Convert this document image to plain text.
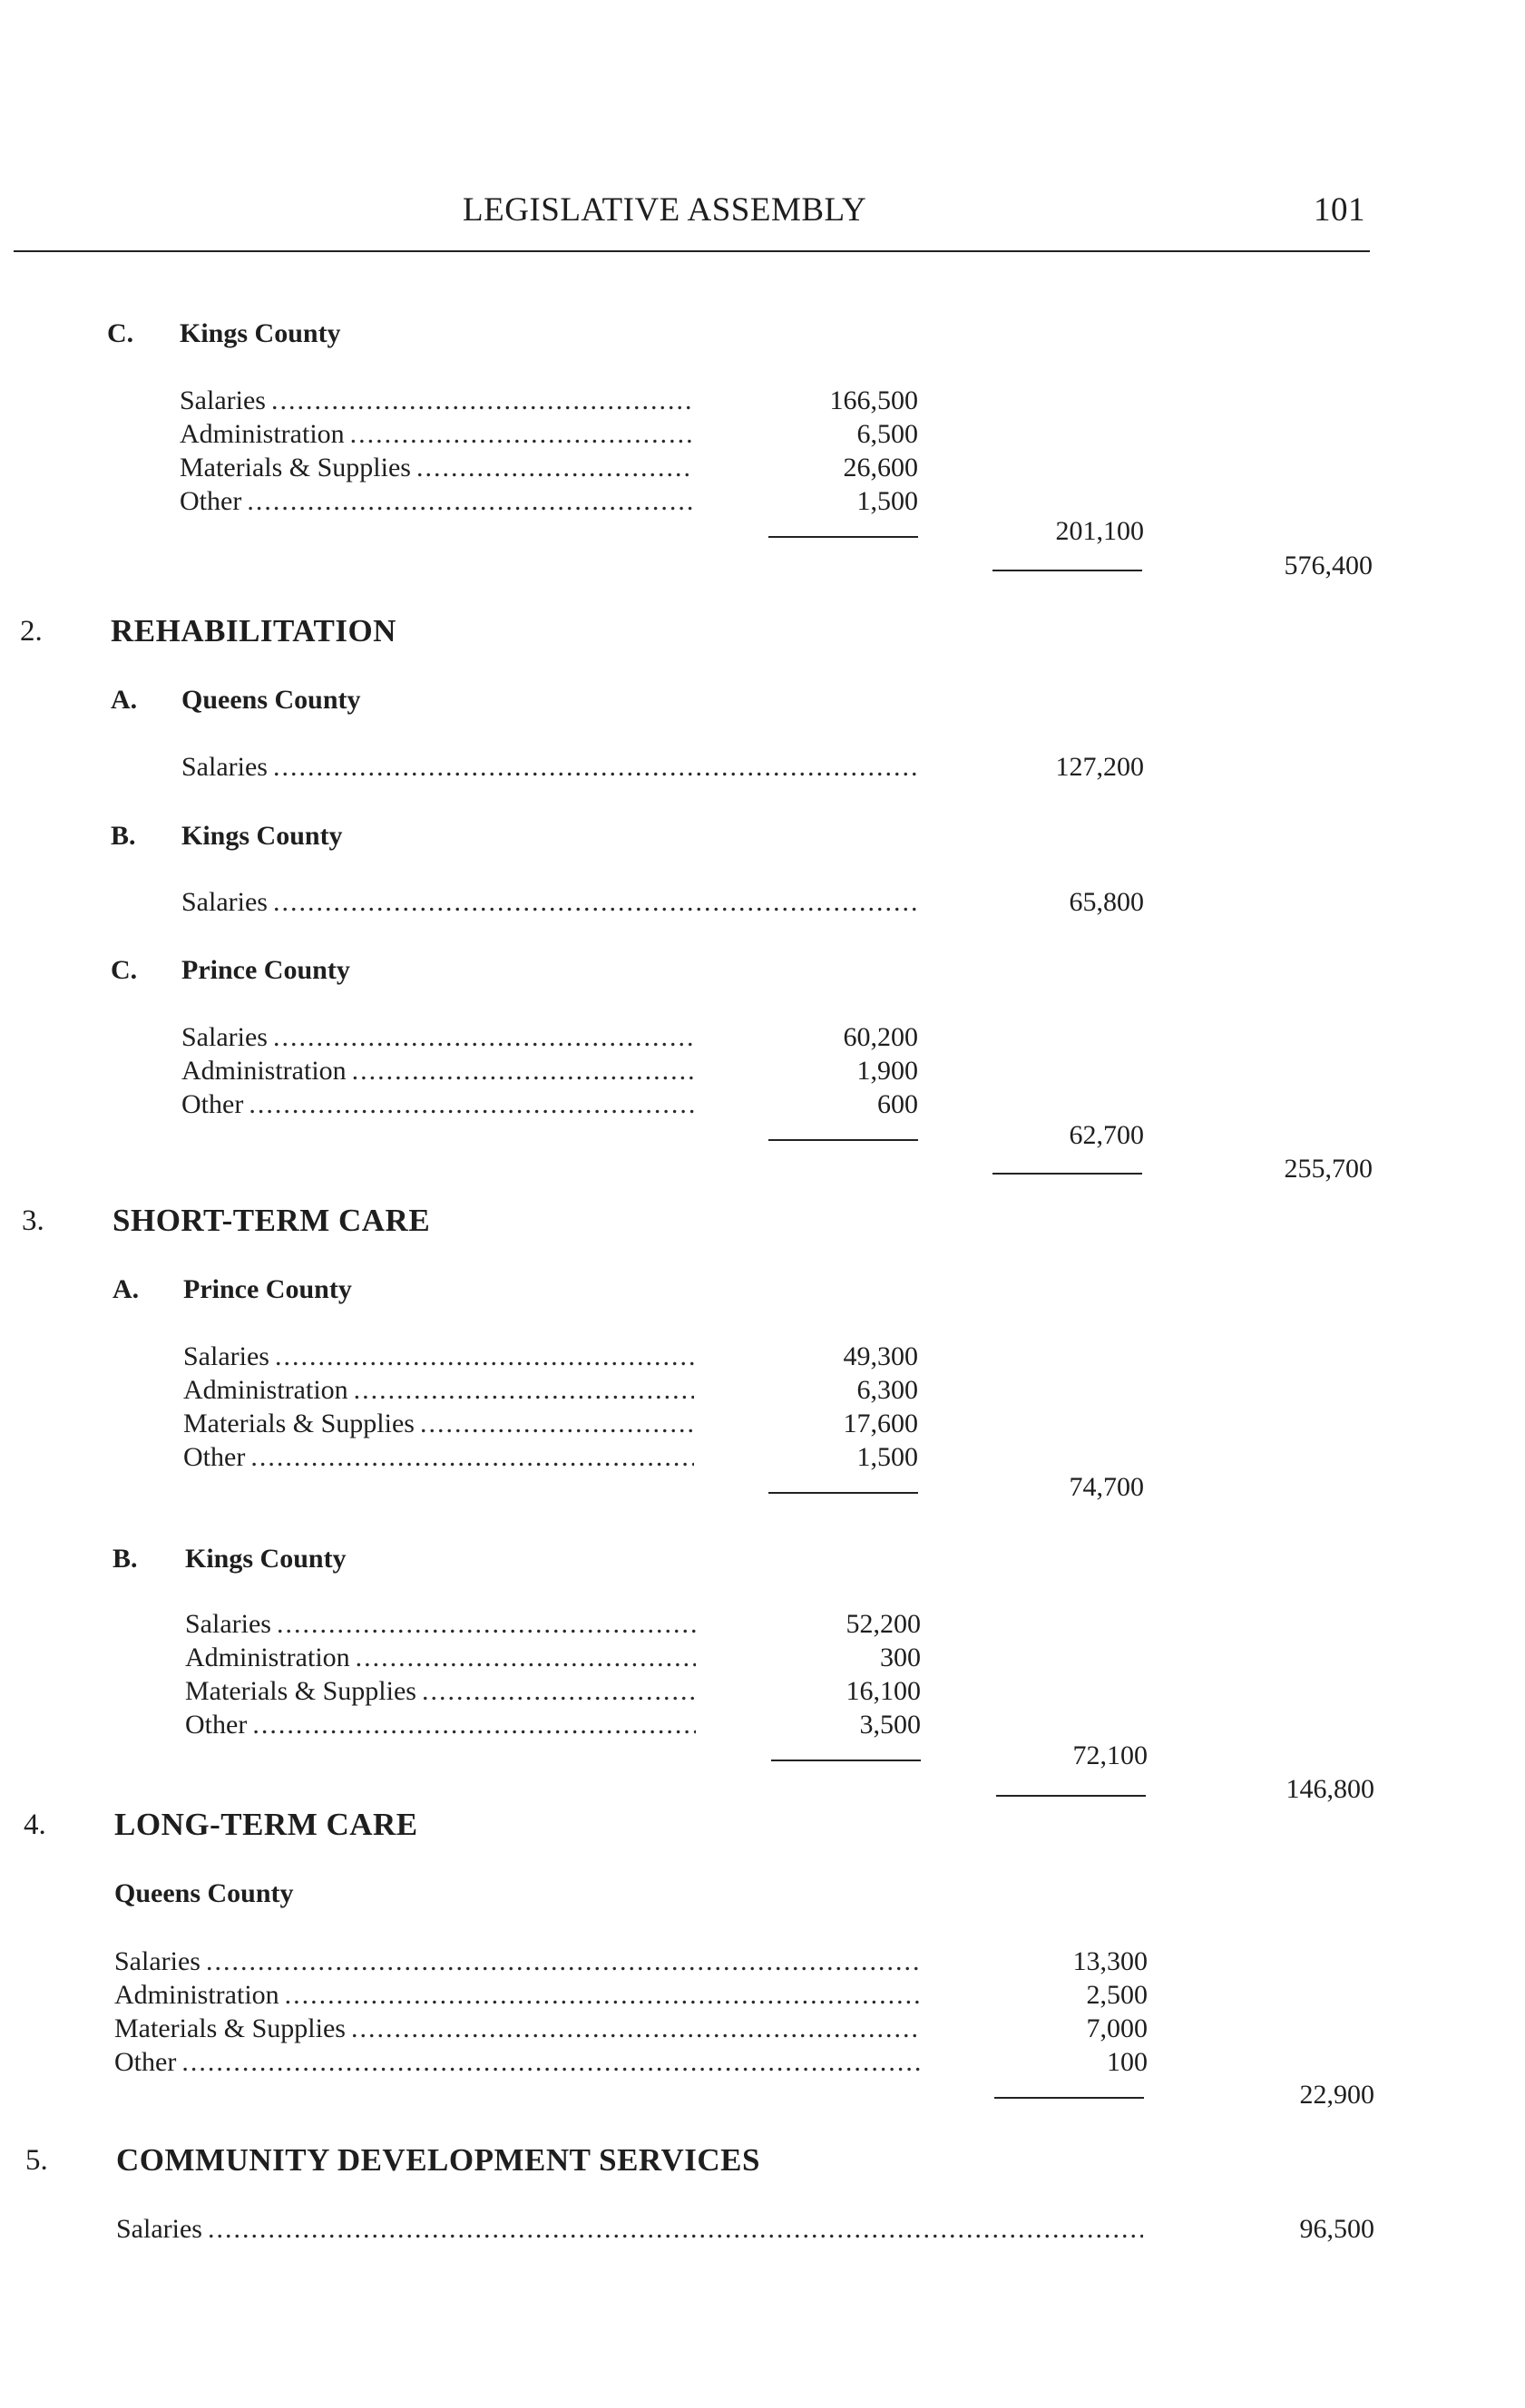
LEGISLATIVE ASSEMBLY	101
C. Kings County
Salaries .....	166,500
Administration .....	6,500
Materials & Supplies .....	26,600
Other .....	1,500
201,100
576,400
2. REHABILITATION
A. Queens County
Salaries .....	127,200
B. Kings County
Salaries .....	65,800
C. Prince County
Salaries .....	60,200
Administration .....	1,900
Other .....	600
62,700
255,700
3. SHORT-TERM CARE
A. Prince County
Salaries .....	49,300
Administration .....	6,300
Materials & Supplies .....	17,600
Other .....	1,500
74,700
B. Kings County
Salaries .....	52,200
Administration .....	300
Materials & Supplies .....	16,100
Other .....	3,500
72,100
146,800
4. LONG-TERM CARE
Queens County
Salaries .....	13,300
Administration .....	2,500
Materials & Supplies .....	7,000
Other .....	100
22,900
5. COMMUNITY DEVELOPMENT SERVICES
Salaries .....	96,500
